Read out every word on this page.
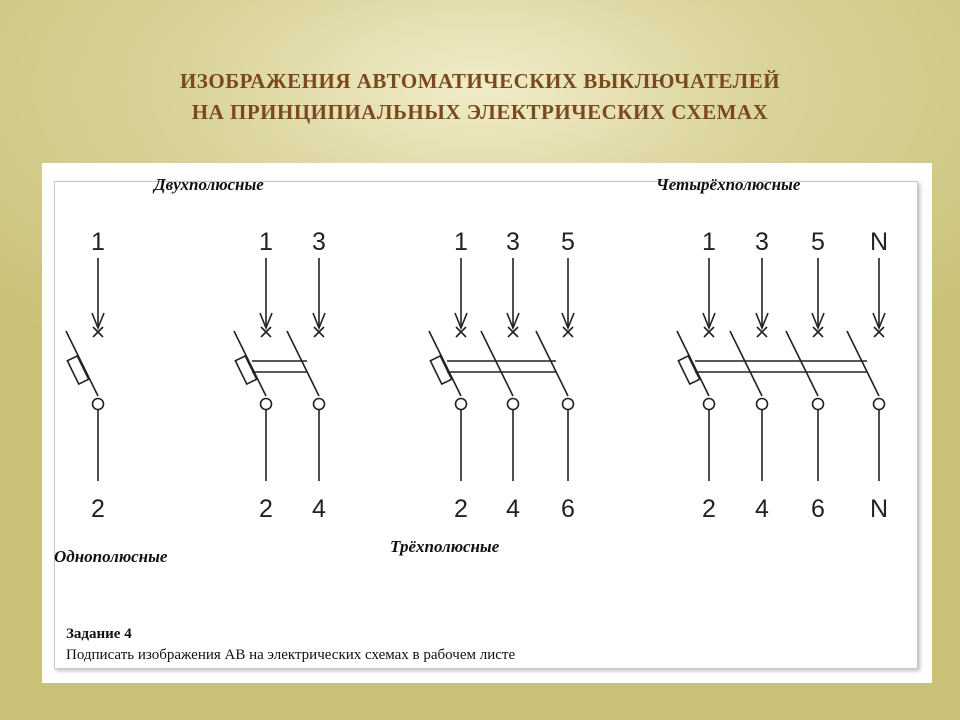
ИЗОБРАЖЕНИЯ АВТОМАТИЧЕСКИХ ВЫКЛЮЧАТЕЛЕЙ
НА ПРИНЦИПИАЛЬНЫХ ЭЛЕКТРИЧЕСКИХ СХЕМАХ
1
2
1
2
3
4
1
2
3
4
5
6
1
2
3
4
5
6
N
N
Двухполюсные	Четырёхполюсные
Однополюсные
Трёхполюсные
Задание 4
Подписать изображения АВ на электрических схемах в рабочем листе
